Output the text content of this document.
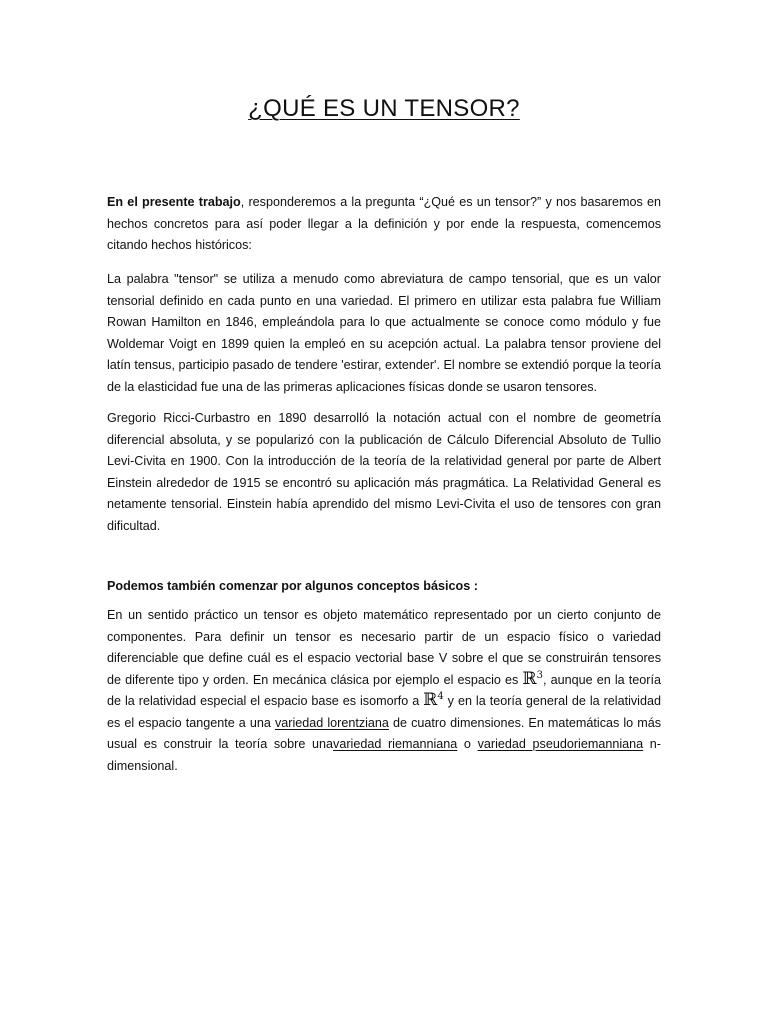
¿QUÉ ES UN TENSOR?

En el presente trabajo, responderemos a la pregunta “¿Qué es un tensor?” y nos basaremos en hechos concretos para así poder llegar a la definición y por ende la respuesta, comencemos citando hechos históricos:

La palabra "tensor" se utiliza a menudo como abreviatura de campo tensorial, que es un valor tensorial definido en cada punto en una variedad. El primero en utilizar esta palabra fue William Rowan Hamilton en 1846, empleándola para lo que actualmente se conoce como módulo y fue Woldemar Voigt en 1899 quien la empleó en su acepción actual. La palabra tensor proviene del latín tensus, participio pasado de tendere 'estirar, extender'. El nombre se extendió porque la teoría de la elasticidad fue una de las primeras aplicaciones físicas donde se usaron tensores.

Gregorio Ricci-Curbastro en 1890 desarrolló la notación actual con el nombre de geometría diferencial absoluta, y se popularizó con la publicación de Cálculo Diferencial Absoluto de Tullio Levi-Civita en 1900. Con la introducción de la teoría de la relatividad general por parte de Albert Einstein alrededor de 1915 se encontró su aplicación más pragmática. La Relatividad General es netamente tensorial. Einstein había aprendido del mismo Levi-Civita el uso de tensores con gran dificultad.

Podemos también comenzar por algunos conceptos básicos :

En un sentido práctico un tensor es objeto matemático representado por un cierto conjunto de componentes. Para definir un tensor es necesario partir de un espacio físico o variedad diferenciable que define cuál es el espacio vectorial base V sobre el que se construirán tensores de diferente tipo y orden. En mecánica clásica por ejemplo el espacio es ℝ$^3$, aunque en la teoría de la relatividad especial el espacio base es isomorfo a ℝ$^4$ y en la teoría general de la relatividad es el espacio tangente a una variedad lorentziana de cuatro dimensiones. En matemáticas lo más usual es construir la teoría sobre unavariedad riemanniana o variedad pseudoriemanniana n-dimensional.
